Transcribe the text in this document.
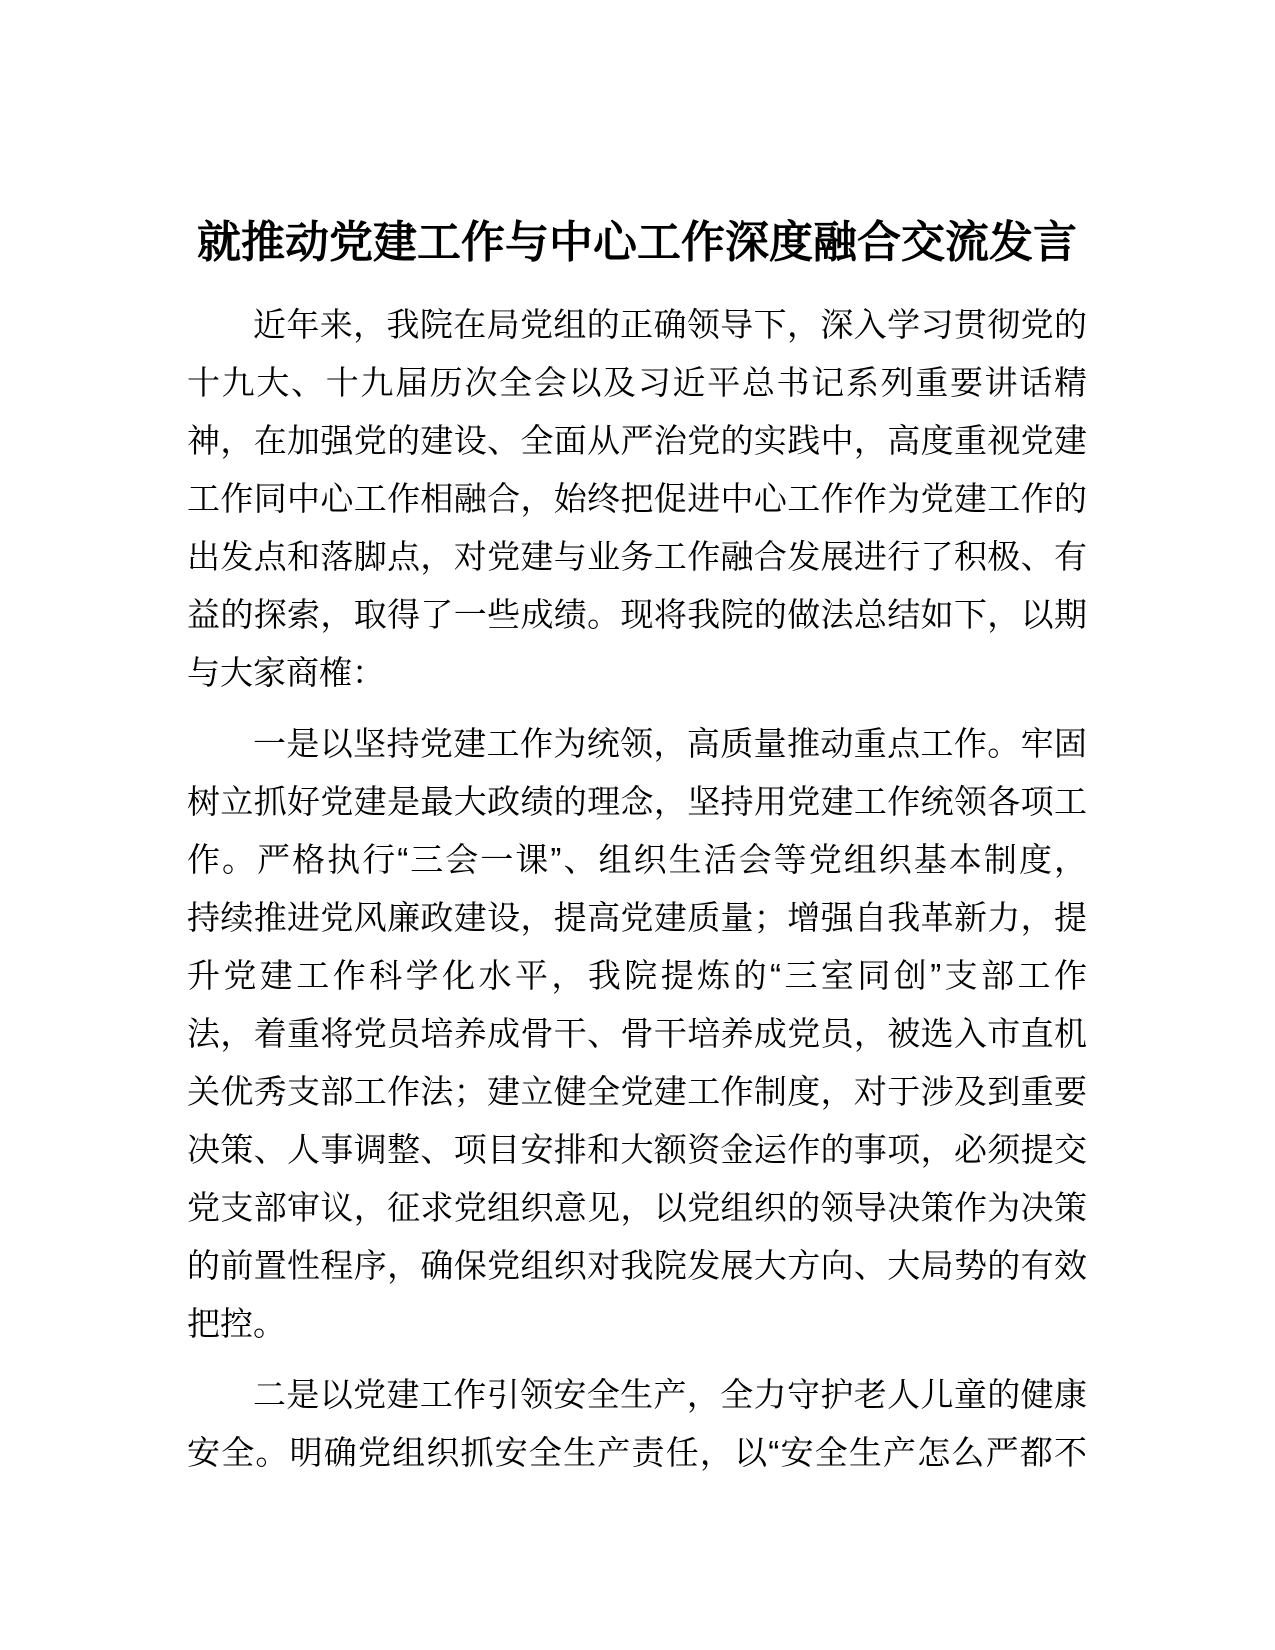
就推动党建工作与中心工作深度融合交流发言

近年来，我院在局党组的正确领导下，深入学习贯彻党的
十九大、十九届历次全会以及习近平总书记系列重要讲话精
神，在加强党的建设、全面从严治党的实践中，高度重视党建
工作同中心工作相融合，始终把促进中心工作作为党建工作的
出发点和落脚点，对党建与业务工作融合发展进行了积极、有
益的探索，取得了一些成绩。现将我院的做法总结如下，以期
与大家商榷：

一是以坚持党建工作为统领，高质量推动重点工作。牢固
树立抓好党建是最大政绩的理念，坚持用党建工作统领各项工
作。严格执行“三会一课”、组织生活会等党组织基本制度，
持续推进党风廉政建设，提高党建质量；增强自我革新力，提
升党建工作科学化水平，我院提炼的“三室同创”支部工作
法，着重将党员培养成骨干、骨干培养成党员，被选入市直机
关优秀支部工作法；建立健全党建工作制度，对于涉及到重要
决策、人事调整、项目安排和大额资金运作的事项，必须提交
党支部审议，征求党组织意见，以党组织的领导决策作为决策
的前置性程序，确保党组织对我院发展大方向、大局势的有效
把控。

二是以党建工作引领安全生产，全力守护老人儿童的健康
安全。明确党组织抓安全生产责任，以“安全生产怎么严都不
